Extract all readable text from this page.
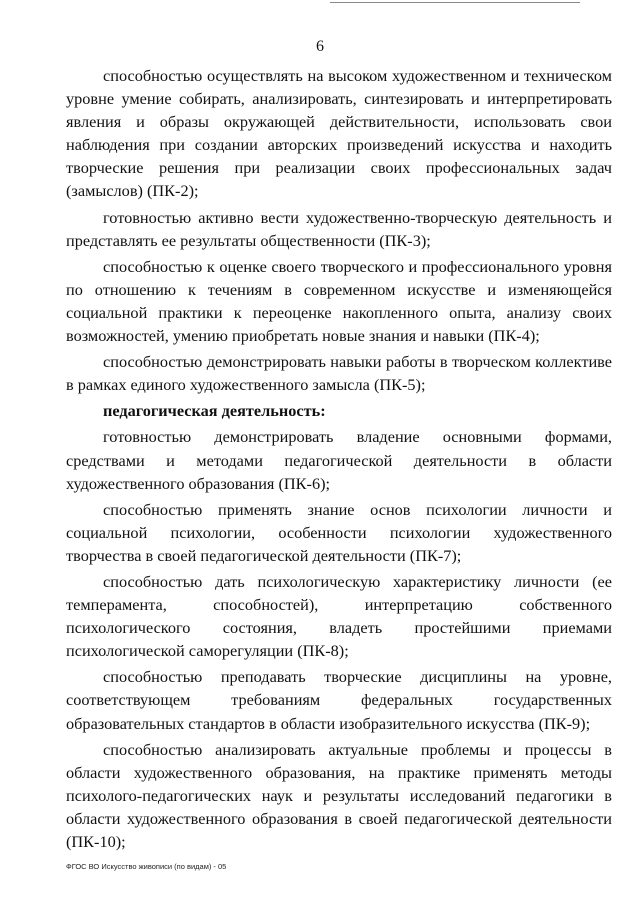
6

способностью осуществлять на высоком художественном и техническом уровне умение собирать, анализировать, синтезировать и интерпретировать явления и образы окружающей действительности, использовать свои наблюдения при создании авторских произведений искусства и находить творческие решения при реализации своих профессиональных задач (замыслов) (ПК-2);

готовностью активно вести художественно-творческую деятельность и представлять ее результаты общественности (ПК-3);

способностью к оценке своего творческого и профессионального уровня по отношению к течениям в современном искусстве и изменяющейся социальной практики к переоценке накопленного опыта, анализу своих возможностей, умению приобретать новые знания и навыки (ПК-4);

способностью демонстрировать навыки работы в творческом коллективе в рамках единого художественного замысла (ПК-5);

педагогическая деятельность:

готовностью демонстрировать владение основными формами, средствами и методами педагогической деятельности в области художественного образования (ПК-6);

способностью применять знание основ психологии личности и социальной психологии, особенности психологии художественного творчества в своей педагогической деятельности (ПК-7);

способностью дать психологическую характеристику личности (ее темперамента, способностей), интерпретацию собственного психологического состояния, владеть простейшими приемами психологической саморегуляции (ПК-8);

способностью преподавать творческие дисциплины на уровне, соответствующем требованиям федеральных государственных образовательных стандартов в области изобразительного искусства (ПК-9);

способностью анализировать актуальные проблемы и процессы в области художественного образования, на практике применять методы психолого-педагогических наук и результаты исследований педагогики в области художественного образования в своей педагогической деятельности (ПК-10);

ФГОС ВО Искусство живописи (по видам) - 05
